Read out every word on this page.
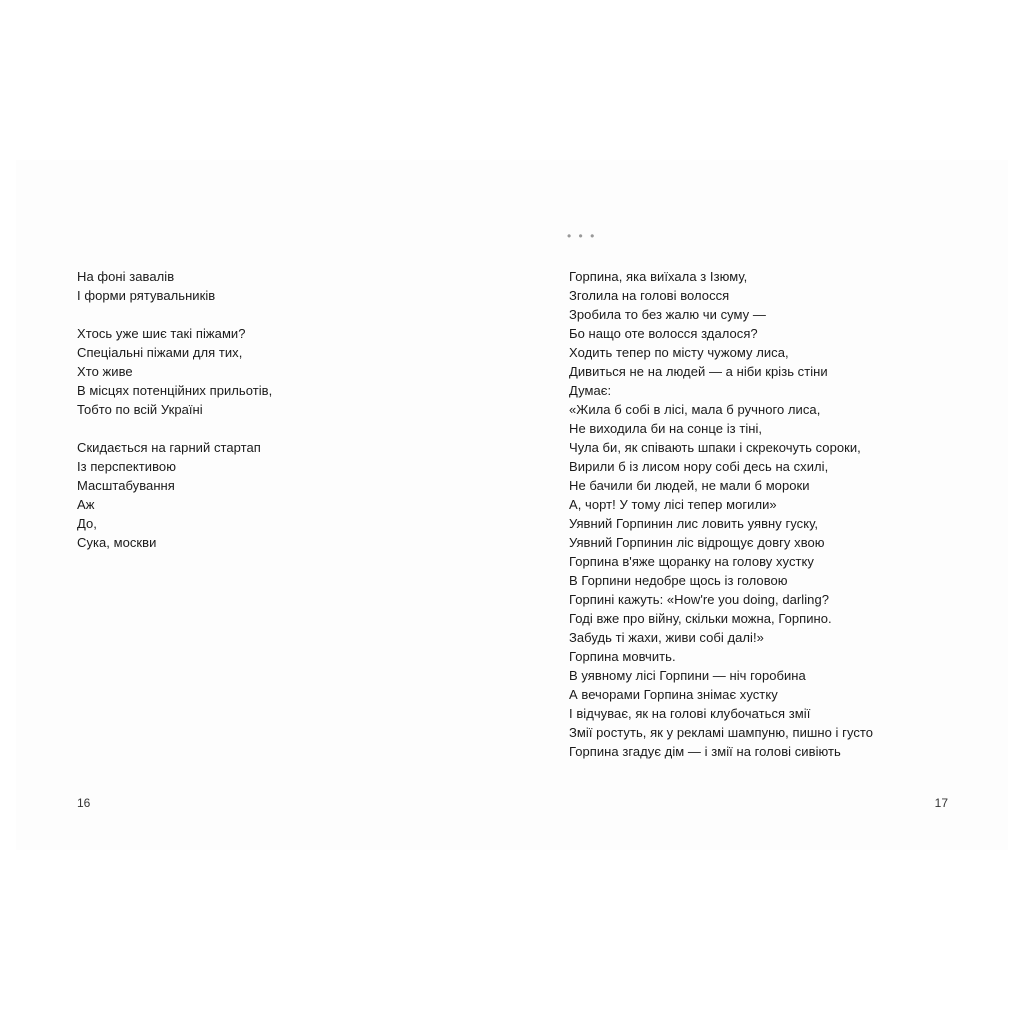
На фоні завалів
І форми рятувальників
Хтось уже шиє такі піжами?
Спеціальні піжами для тих,
Хто живе
В місцях потенційних прильотів,
Тобто по всій Україні
Скидається на гарний стартап
Із перспективою
Масштабування
Аж
До,
Сука, москви
16
• • •
Горпина, яка виїхала з Ізюму,
Зголила на голові волосся
Зробила то без жалю чи суму —
Бо нащо оте волосся здалося?
Ходить тепер по місту чужому лиса,
Дивиться не на людей — а ніби крізь стіни
Думає:
«Жила б собі в лісі, мала б ручного лиса,
Не виходила би на сонце із тіні,
Чула би, як співають шпаки і скрекочуть сороки,
Вирили б із лисом нору собі десь на схилі,
Не бачили би людей, не мали б мороки
А, чорт! У тому лісі тепер могили»
Уявний Горпинин лис ловить уявну гуску,
Уявний Горпинин ліс відрощує довгу хвою
Горпина в'яже щоранку на голову хустку
В Горпини недобре щось із головою
Горпині кажуть: «How're you doing, darling?
Годі вже про війну, скільки можна, Горпино.
Забудь ті жахи, живи собі далі!»
Горпина мовчить.
В уявному лісі Горпини — ніч горобина
А вечорами Горпина знімає хустку
І відчуває, як на голові клубочаться змії
Змії ростуть, як у рекламі шампуню, пишно і густо
Горпина згадує дім — і змії на голові сивіють
17
